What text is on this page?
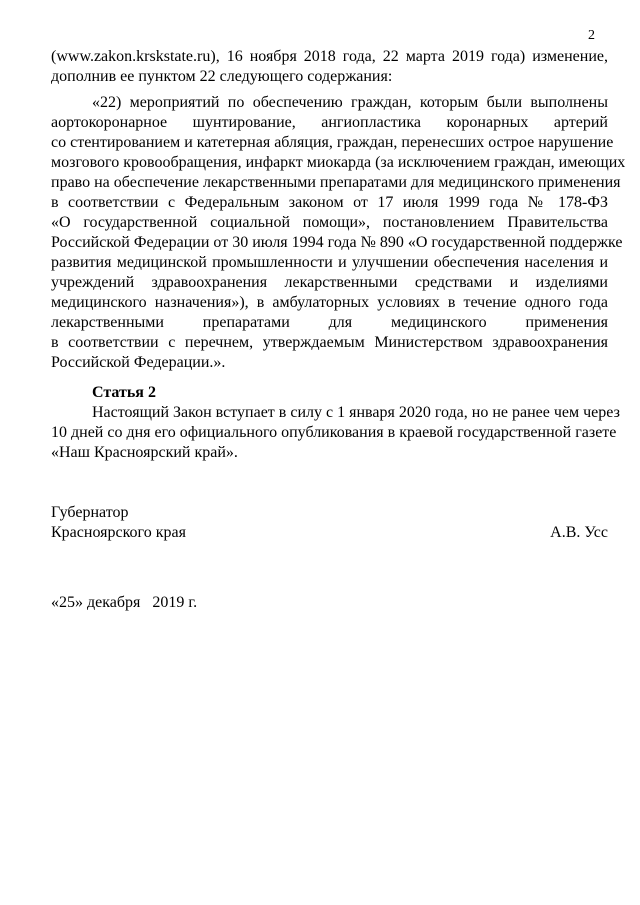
2
(www.zakon.krskstate.ru), 16 ноября 2018 года, 22 марта 2019 года) изменение,
дополнив ее пунктом 22 следующего содержания:
«22) мероприятий по обеспечению граждан, которым были выполнены
аортокоронарное шунтирование, ангиопластика коронарных артерий
со стентированием и катетерная абляция, граждан, перенесших острое нарушение
мозгового кровообращения, инфаркт миокарда (за исключением граждан, имеющих
право на обеспечение лекарственными препаратами для медицинского применения
в соответствии с Федеральным законом от 17 июля 1999 года № 178-ФЗ
«О государственной социальной помощи», постановлением Правительства
Российской Федерации от 30 июля 1994 года № 890 «О государственной поддержке
развития медицинской промышленности и улучшении обеспечения населения и
учреждений здравоохранения лекарственными средствами и изделиями
медицинского назначения»), в амбулаторных условиях в течение одного года
лекарственными препаратами для медицинского применения
в соответствии с перечнем, утверждаемым Министерством здравоохранения
Российской Федерации.».
Статья 2
Настоящий Закон вступает в силу с 1 января 2020 года, но не ранее чем через
10 дней со дня его официального опубликования в краевой государственной газете
«Наш Красноярский край».
Губернатор
Красноярского края	А.В. Усс
«25» декабря   2019 г.
